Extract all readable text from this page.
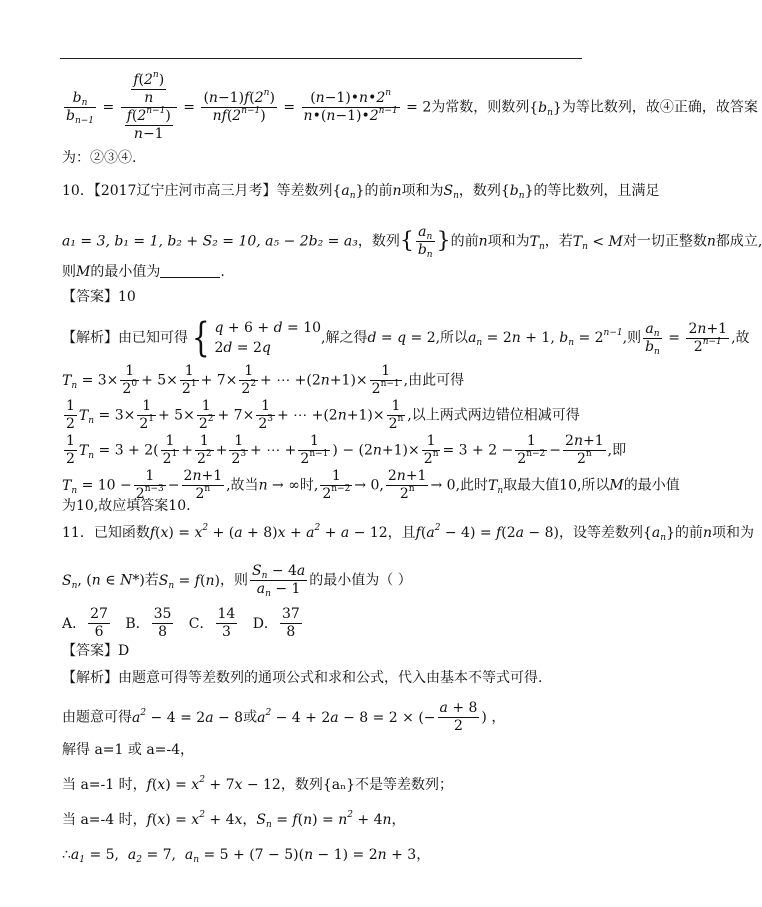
$\frac{b_n}{b_{n-1}} = \frac{\frac{f(2^n)}{n}}{\frac{f(2^{n-1})}{n-1}} = \frac{(n-1)f(2^n)}{nf(2^{n-1})} = \frac{(n-1)•n•2^n}{n•(n-1)•2^{n-1}} = 2$为常数，则数列$\{b_n\}$为等比数列，故④正确，故答案
为：②③④.
10．【2017辽宁庄河市高三月考】等差数列$\{a_n\}$的前n项和为$S_n$，数列$\{b_n\}$的等比数列，且满足
a₁ = 3, b₁ = 1, b₂ + S₂ = 10, a₅ − 2b₂ = a₃，数列{ $\frac{a_n}{b_n}$ }的前n项和为$T_n$，若$T_n < M$对一切正整数n都成立,
则M的最小值为	.
【答案】10
【解析】由已知可得{ q + 6 + d = 10
2d = 2q
,解之得d = q = 2,所以$a_n = 2n + 1$, $b_n = 2^{n-1}$,则 $\frac{a_n}{b_n} = \frac{2n+1}{2^{n-1}}$ ,故
$T_n = 3\times \frac{1}{2^0} + 5\times \frac{1}{2^1} + 7\times \frac{1}{2^2}$ + ⋯ $+(2n+1)\times \frac{1}{2^{n-1}}$ ,由此可得
$\frac{1}{2} T_n = 3\times \frac{1}{2^1} + 5\times \frac{1}{2^2} + 7\times \frac{1}{2^3}$ + ⋯ $+(2n+1)\times \frac{1}{2^n}$ ,以上两式两边错位相减可得
$\frac{1}{2} T_n = 3 + 2( \frac{1}{2^1} + \frac{1}{2^2} + \frac{1}{2^3}$ + ⋯ + $\frac{1}{2^{n-1}}$ ) − $(2n+1)\times \frac{1}{2^n} = 3 + 2 - \frac{1}{2^{n-2}} - \frac{2n+1}{2^n}$ ,即
$T_n = 10 - \frac{1}{2^{n-3}} - \frac{2n+1}{2^n}$ ,故当n → ∞时, $\frac{1}{2^{n-2}} \to 0$, $\frac{2n+1}{2^n} \to 0$,此时$T_n$取最大值10,所以M的最小值
为10,故应填答案10.
11．已知函数$f(x) = x^2 + (a + 8)x + a^2 + a - 12$，且$f(a^2 - 4) = f(2a - 8)$，设等差数列$\{a_n\}$的前n项和为
$S_n$, (n ∈ N*)若$S_n = f(n)$，则 $\frac{S_n - 4a}{a_n - 1}$ 的最小值为（ ）
A． $\frac{27}{6}$ B． $\frac{35}{8}$ C． $\frac{14}{3}$ D． $\frac{37}{8}$
【答案】D
【解析】由题意可得等差数列的通项公式和求和公式，代入由基本不等式可得.
由题意可得$a^2 - 4 = 2a - 8$或$a^2 - 4 + 2a - 8 = 2$ × (− $\frac{a + 8}{2}$ ) ，
解得 a=1 或 a=-4，
当 a=-1 时，$f(x) = x^2 + 7x - 12$，数列{aₙ}不是等差数列；
当 a=-4 时，$f(x) = x^2 + 4x$，$S_n = f(n) = n^2 + 4n$，
$\therefore a_1 = 5$,  $a_2 = 7$,  $a_n = 5 + (7 - 5)(n - 1) = 2n + 3$，
